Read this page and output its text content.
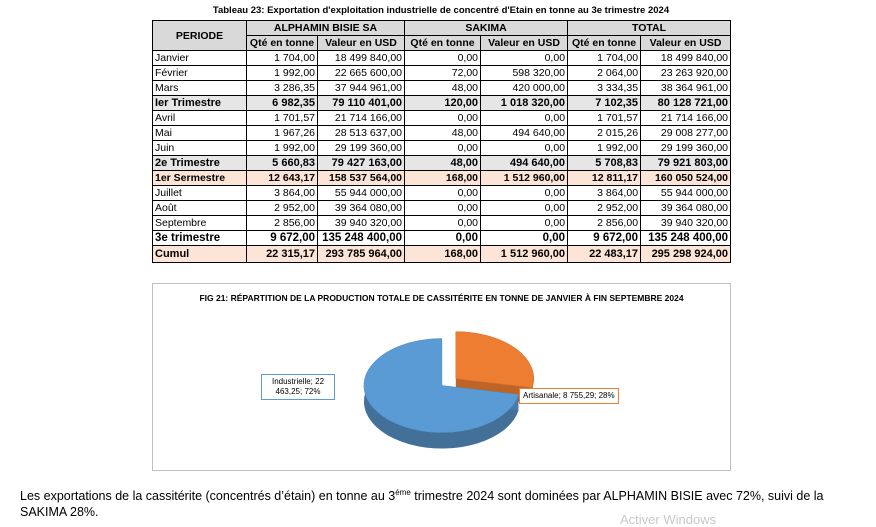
Tableau 23: Exportation d'exploitation industrielle de concentré d'Etain en tonne au 3e trimestre 2024
PERIODE	ALPHAMIN BISIE SA		SAKIMA		TOTAL	
	Qté en tonne	Valeur en USD	Qté en tonne	Valeur en USD	Qté en tonne	Valeur en USD
Janvier	1 704,00	18 499 840,00	0,00	0,00	1 704,00	18 499 840,00
Février	1 992,00	22 665 600,00	72,00	598 320,00	2 064,00	23 263 920,00
Mars	3 286,35	37 944 961,00	48,00	420 000,00	3 334,35	38 364 961,00
Ier Trimestre	6 982,35	79 110 401,00	120,00	1 018 320,00	7 102,35	80 128 721,00
Avril	1 701,57	21 714 166,00	0,00	0,00	1 701,57	21 714 166,00
Mai	1 967,26	28 513 637,00	48,00	494 640,00	2 015,26	29 008 277,00
Juin	1 992,00	29 199 360,00	0,00	0,00	1 992,00	29 199 360,00
2e Trimestre	5 660,83	79 427 163,00	48,00	494 640,00	5 708,83	79 921 803,00
1er Sermestre	12 643,17	158 537 564,00	168,00	1 512 960,00	12 811,17	160 050 524,00
Juillet	3 864,00	55 944 000,00	0,00	0,00	3 864,00	55 944 000,00
Août	2 952,00	39 364 080,00	0,00	0,00	2 952,00	39 364 080,00
Septembre	2 856,00	39 940 320,00	0,00	0,00	2 856,00	39 940 320,00
3e trimestre	9 672,00	135 248 400,00	0,00	0,00	9 672,00	135 248 400,00
Cumul	22 315,17	293 785 964,00	168,00	1 512 960,00	22 483,17	295 298 924,00
FIG 21: RÉPARTITION DE LA PRODUCTION TOTALE DE CASSITÉRITE EN TONNE DE JANVIER À FIN SEPTEMBRE 2024
Industrielle; 22 463,25; 72%	Artisanale; 8 755,29; 28%
Les exportations de la cassitérite (concentrés d’étain) en tonne au 3ème trimestre 2024 sont dominées par ALPHAMIN BISIE avec 72%, suivi de la SAKIMA 28%.	Activer Windows
